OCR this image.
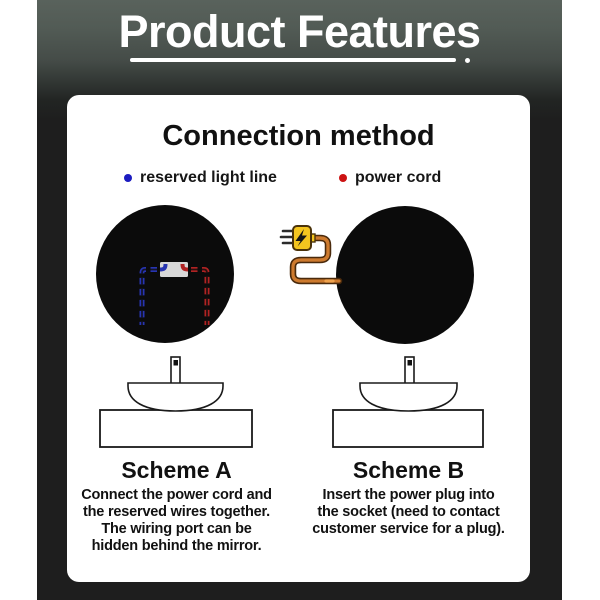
Product Features
Connection method
reserved light line	power cord
Scheme A
Connect the power cord and
the reserved wires together.
The wiring port can be
hidden behind the mirror.
Scheme B
Insert the power plug into
the socket (need to contact
customer service for a plug).
